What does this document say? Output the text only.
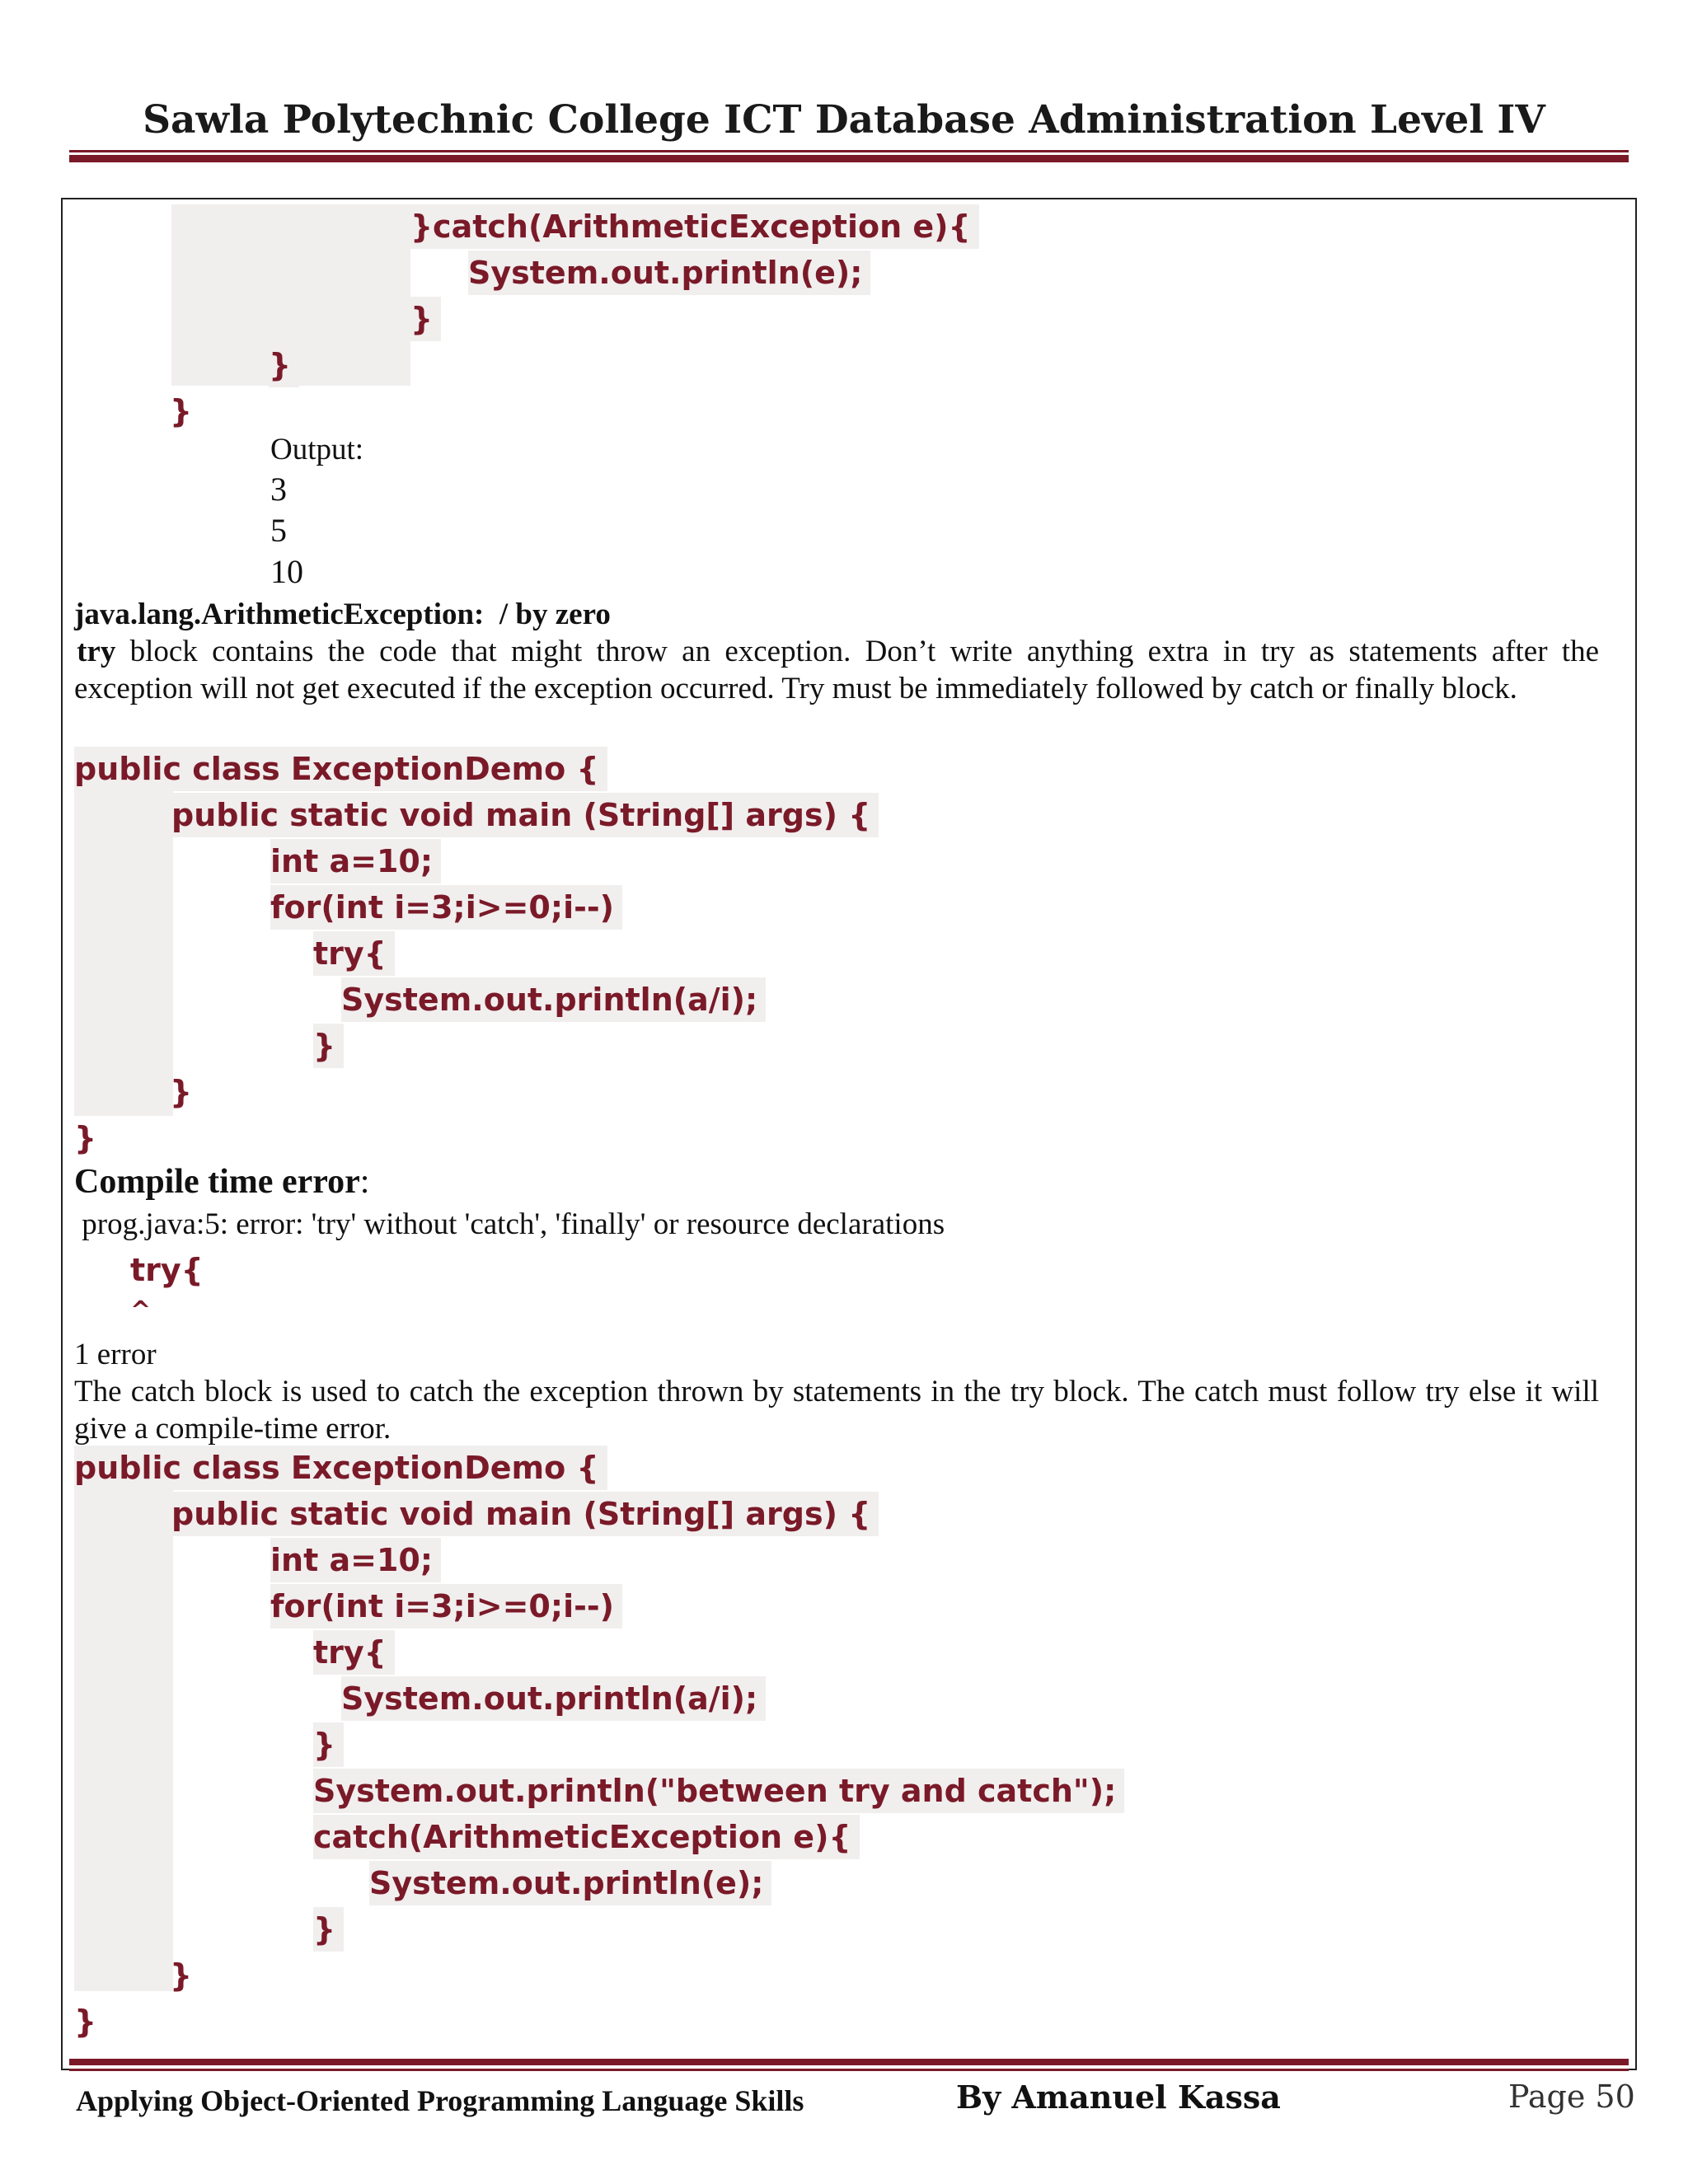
Sawla Polytechnic College ICT Database Administration Level IV
}catch(ArithmeticException e){
System.out.println(e);
}
}
}
Output:
3
5
10
java.lang.ArithmeticException:  / by zero
 try block contains the code that might throw an exception. Don’t write anything extra in try as statements after the exception will not get executed if the exception occurred. Try must be immediately followed by catch or finally block.
public class ExceptionDemo {
public static void main (String[] args) {
int a=10;
for(int i=3;i>=0;i--)
try{
System.out.println(a/i);
}
}
}
Compile time error:
prog.java:5: error: 'try' without 'catch', 'finally' or resource declarations
try{
^
1 error
The catch block is used to catch the exception thrown by statements in the try block. The catch must follow try else it will give a compile-time error.
public class ExceptionDemo {
public static void main (String[] args) {
int a=10;
for(int i=3;i>=0;i--)
try{
System.out.println(a/i);
}
System.out.println("between try and catch");
catch(ArithmeticException e){
System.out.println(e);
}
}
}
Applying Object-Oriented Programming Language Skills	By Amanuel Kassa	Page 50
